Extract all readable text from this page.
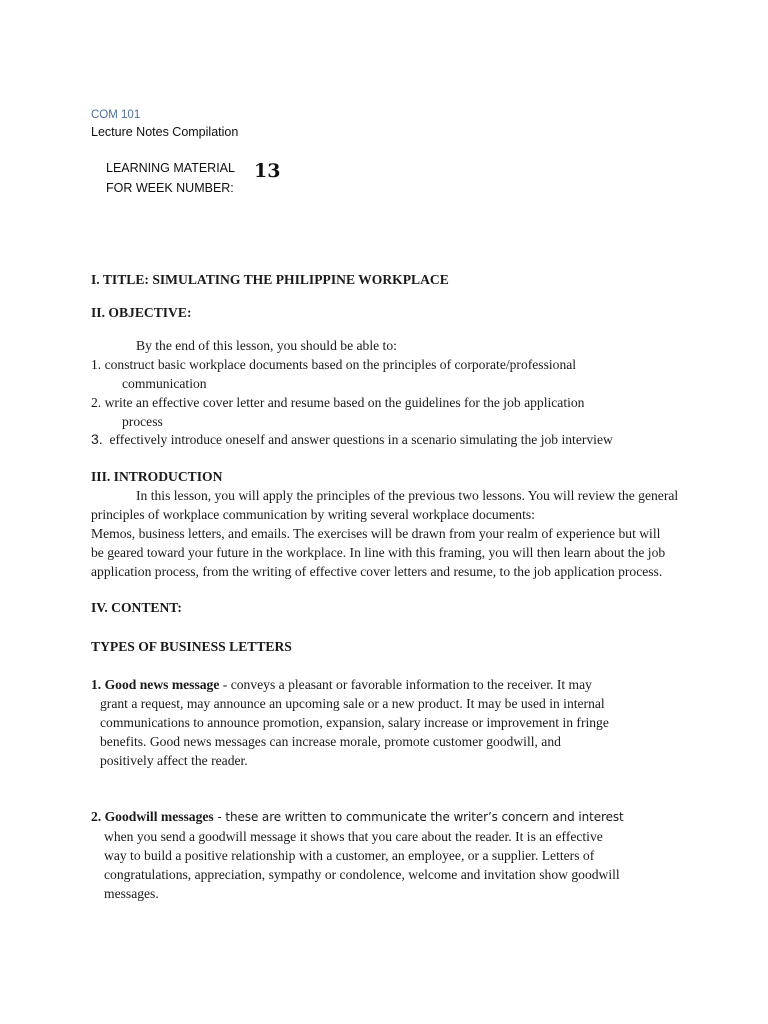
COM 101
Lecture Notes Compilation
LEARNING MATERIAL
FOR WEEK NUMBER:
13
I. TITLE: SIMULATING THE PHILIPPINE WORKPLACE
II. OBJECTIVE:
By the end of this lesson, you should be able to:
1. construct basic workplace documents based on the principles of corporate/professional
communication
2. write an effective cover letter and resume based on the guidelines for the job application
process
3. effectively introduce oneself and answer questions in a scenario simulating the job interview
III. INTRODUCTION
In this lesson, you will apply the principles of the previous two lessons. You will review the general
principles of workplace communication by writing several workplace documents:
Memos, business letters, and emails. The exercises will be drawn from your realm of experience but will
be geared toward your future in the workplace. In line with this framing, you will then learn about the job
application process, from the writing of effective cover letters and resume, to the job application process.
IV. CONTENT:
TYPES OF BUSINESS LETTERS
1. Good news message - conveys a pleasant or favorable information to the receiver. It may
grant a request, may announce an upcoming sale or a new product. It may be used in internal
communications to announce promotion, expansion, salary increase or improvement in fringe
benefits. Good news messages can increase morale, promote customer goodwill, and
positively affect the reader.
2. Goodwill messages - these are written to communicate the writer’s concern and interest
when you send a goodwill message it shows that you care about the reader. It is an effective
way to build a positive relationship with a customer, an employee, or a supplier. Letters of
congratulations, appreciation, sympathy or condolence, welcome and invitation show goodwill
messages.
